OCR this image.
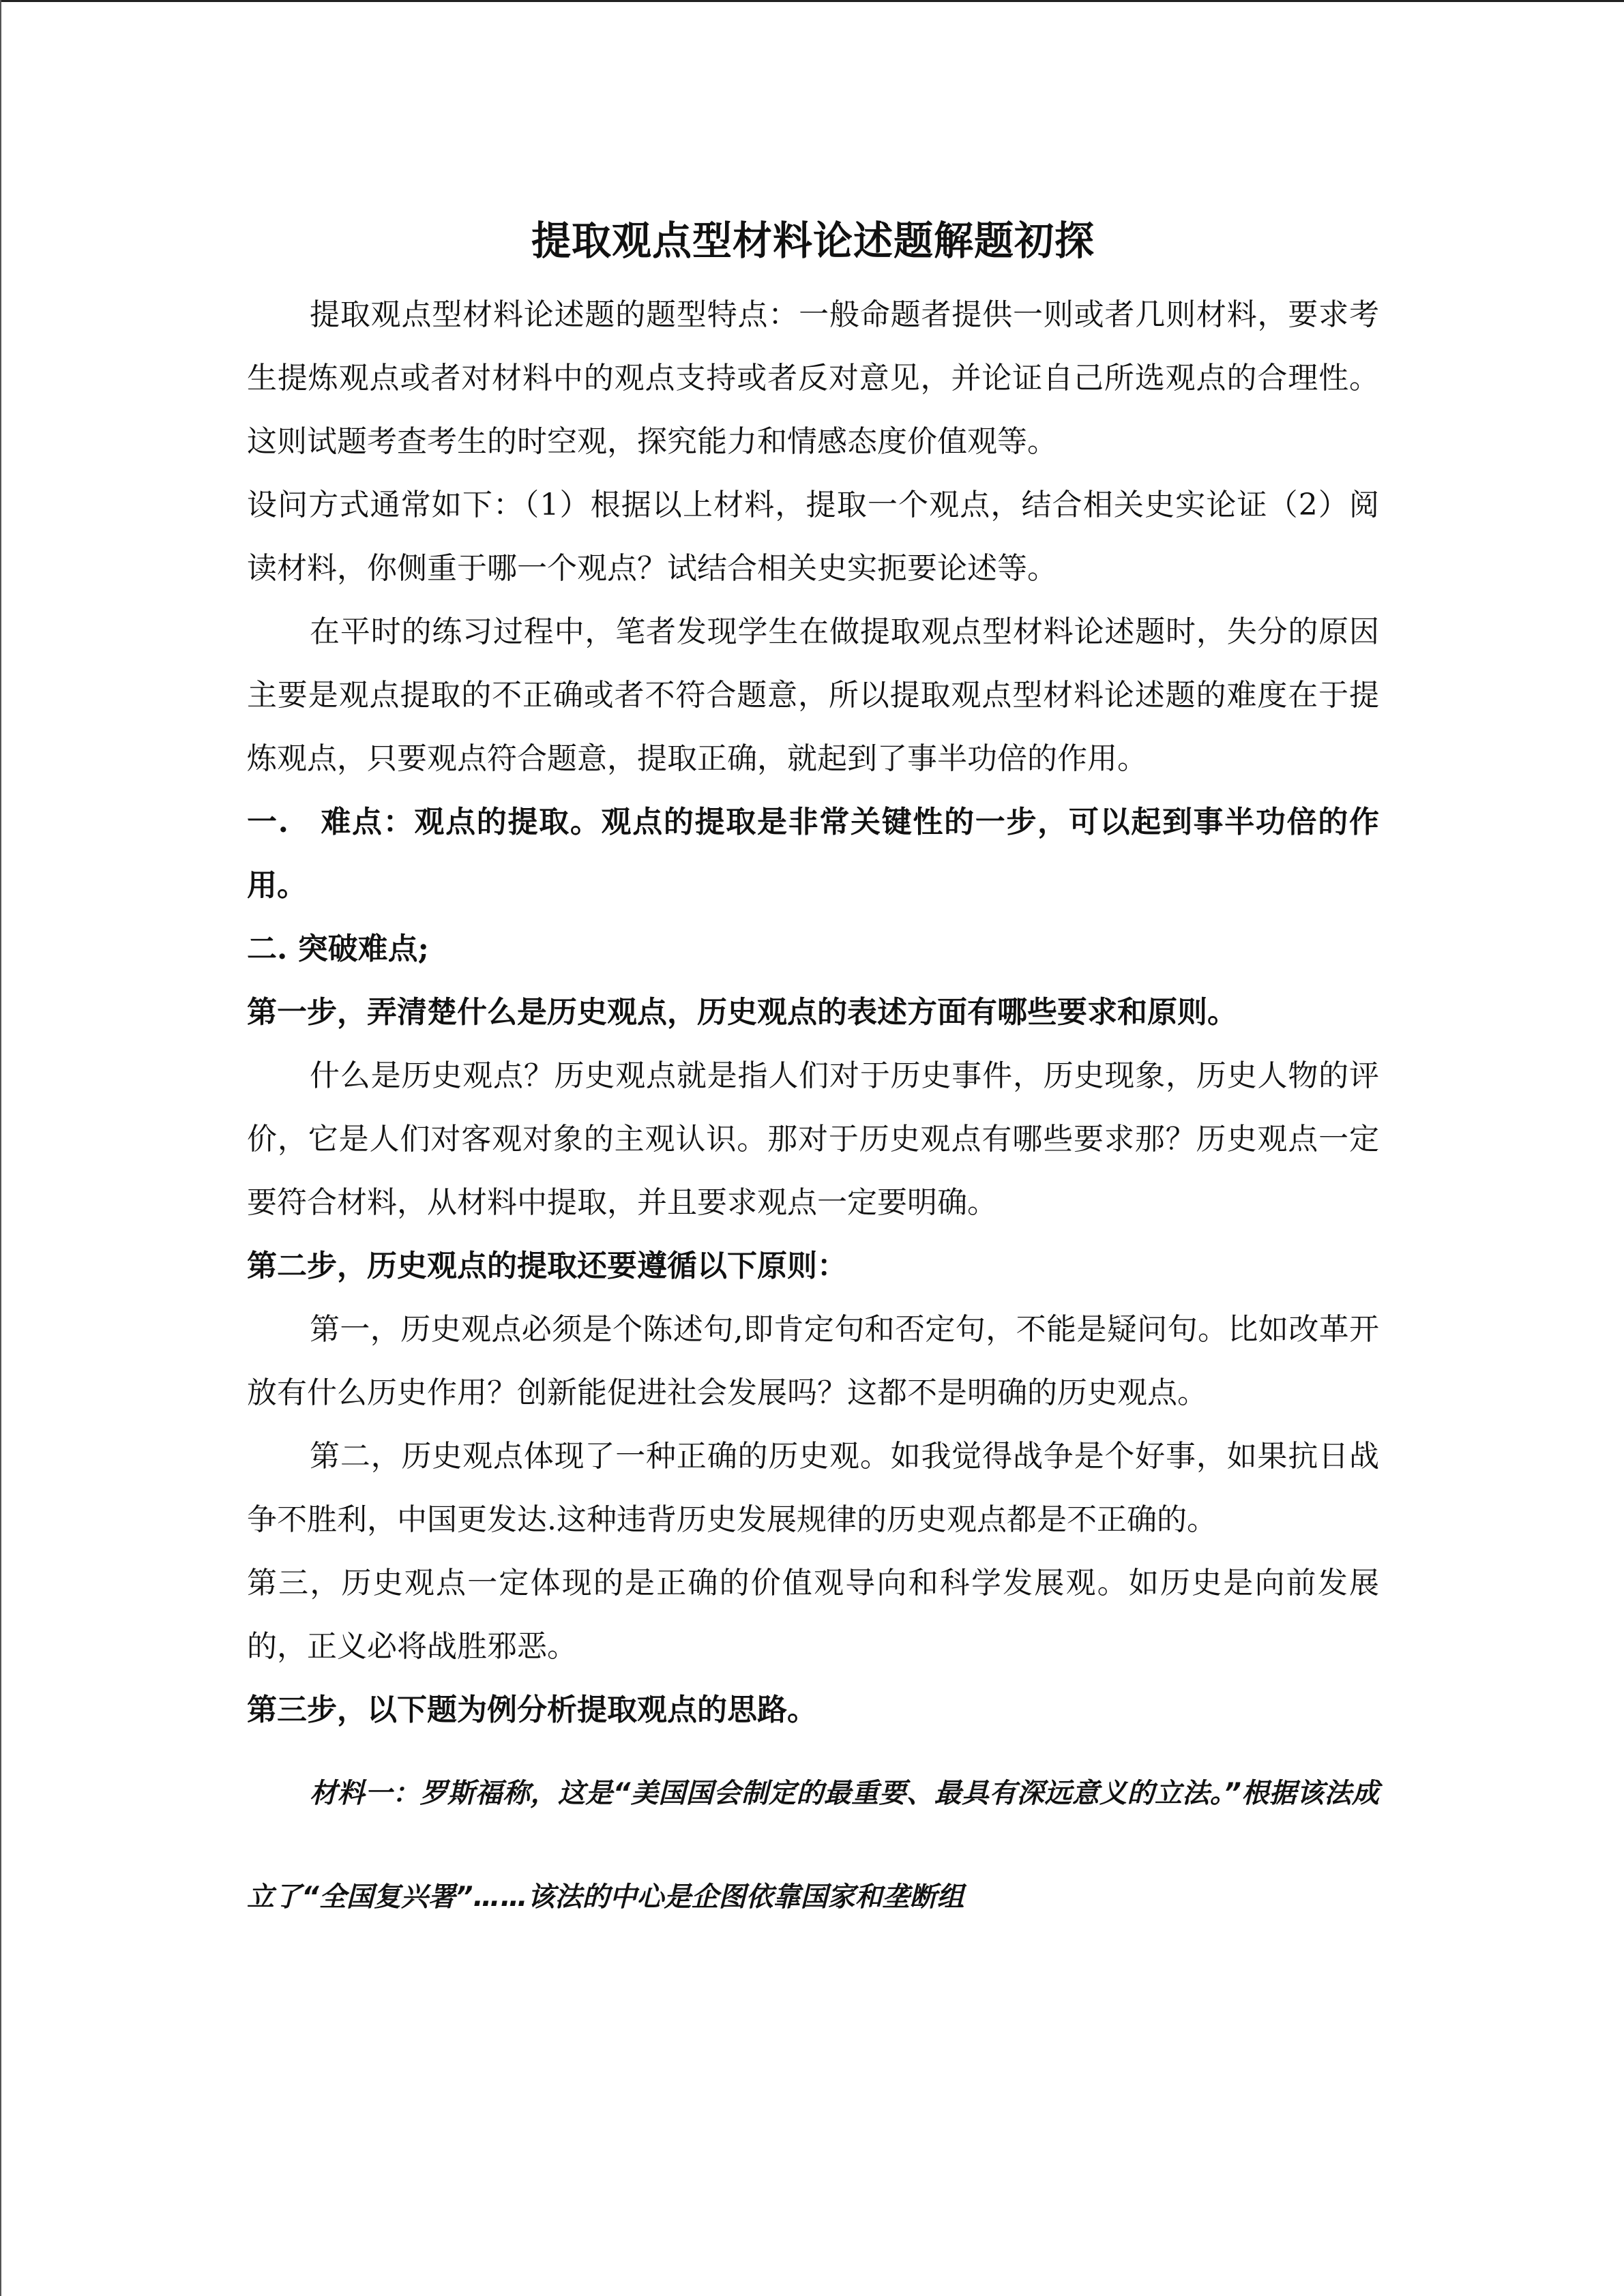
提取观点型材料论述题解题初探

提取观点型材料论述题的题型特点：一般命题者提供一则或者几则材料，要求考生提炼观点或者对材料中的观点支持或者反对意见，并论证自己所选观点的合理性。这则试题考查考生的时空观，探究能力和情感态度价值观等。

设问方式通常如下：（1）根据以上材料，提取一个观点，结合相关史实论证（2）阅读材料，你侧重于哪一个观点？试结合相关史实扼要论述等。

在平时的练习过程中，笔者发现学生在做提取观点型材料论述题时，失分的原因主要是观点提取的不正确或者不符合题意，所以提取观点型材料论述题的难度在于提炼观点，只要观点符合题意，提取正确，就起到了事半功倍的作用。

一.　难点：观点的提取。观点的提取是非常关键性的一步，可以起到事半功倍的作用。

二. 突破难点;

第一步，弄清楚什么是历史观点，历史观点的表述方面有哪些要求和原则。

什么是历史观点？历史观点就是指人们对于历史事件，历史现象，历史人物的评价，它是人们对客观对象的主观认识。那对于历史观点有哪些要求那？历史观点一定要符合材料，从材料中提取，并且要求观点一定要明确。

第二步，历史观点的提取还要遵循以下原则：

第一，历史观点必须是个陈述句,即肯定句和否定句，不能是疑问句。比如改革开放有什么历史作用？创新能促进社会发展吗？这都不是明确的历史观点。

第二，历史观点体现了一种正确的历史观。如我觉得战争是个好事，如果抗日战争不胜利，中国更发达.这种违背历史发展规律的历史观点都是不正确的。

第三，历史观点一定体现的是正确的价值观导向和科学发展观。如历史是向前发展的，正义必将战胜邪恶。

第三步，以下题为例分析提取观点的思路。

材料一：罗斯福称，这是“美国国会制定的最重要、最具有深远意义的立法。”根据该法成立了“全国复兴署”……该法的中心是企图依靠国家和垄断组
